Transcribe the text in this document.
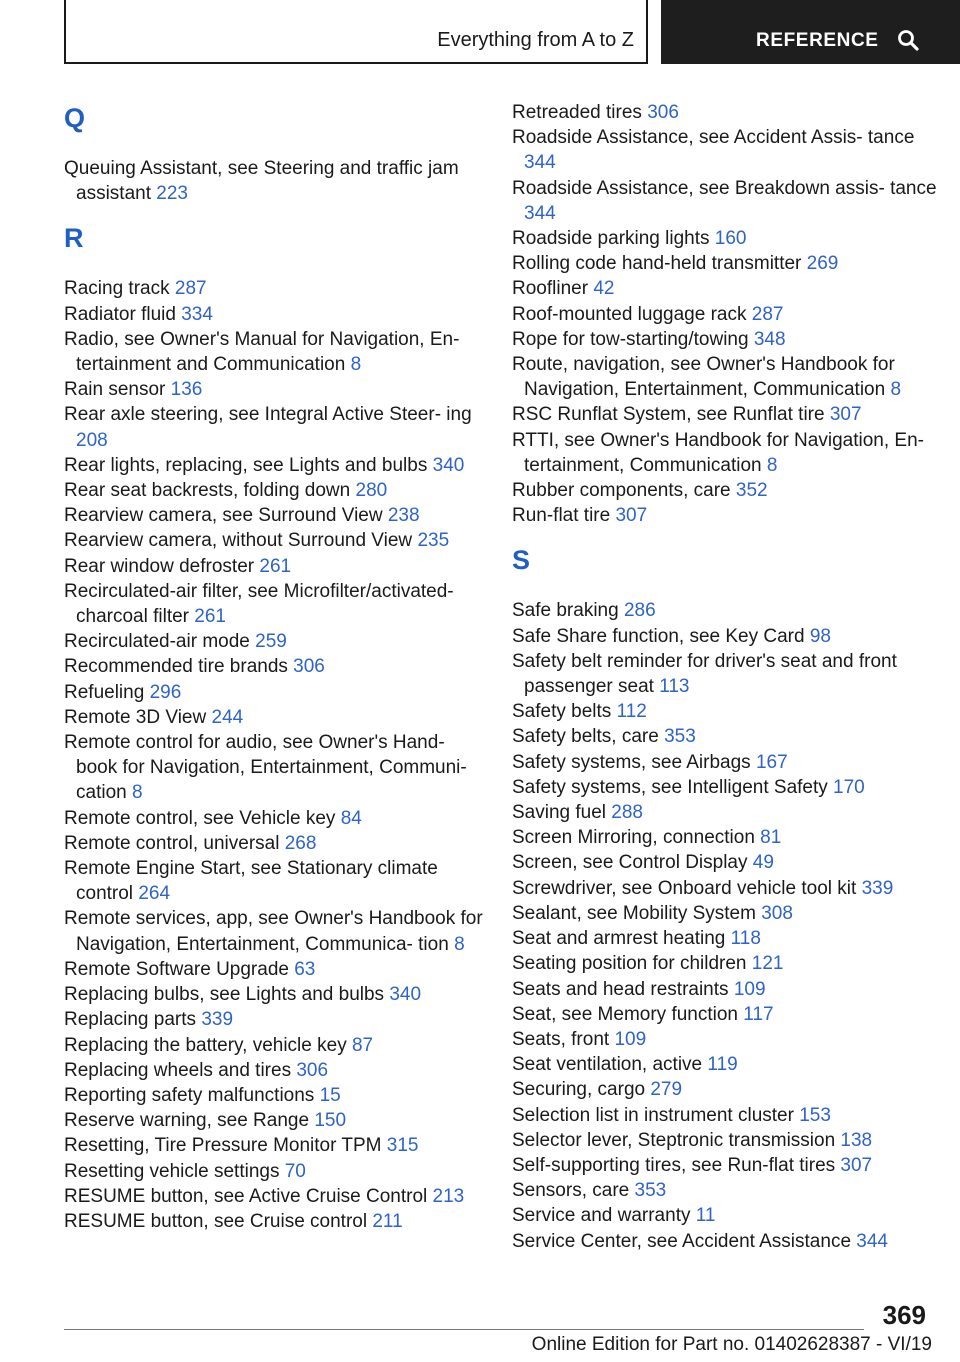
Everything from A to Z	REFERENCE
Q
Queuing Assistant, see Steering and traffic jam assistant 223
R
Racing track 287
Radiator fluid 334
Radio, see Owner's Manual for Navigation, En‐ tertainment and Communication 8
Rain sensor 136
Rear axle steering, see Integral Active Steer‐ ing 208
Rear lights, replacing, see Lights and bulbs 340
Rear seat backrests, folding down 280
Rearview camera, see Surround View 238
Rearview camera, without Surround View 235
Rear window defroster 261
Recirculated-air filter, see Microfilter/activated- charcoal filter 261
Recirculated-air mode 259
Recommended tire brands 306
Refueling 296
Remote 3D View 244
Remote control for audio, see Owner's Hand‐ book for Navigation, Entertainment, Communi‐ cation 8
Remote control, see Vehicle key 84
Remote control, universal 268
Remote Engine Start, see Stationary climate control 264
Remote services, app, see Owner's Handbook for Navigation, Entertainment, Communica‐ tion 8
Remote Software Upgrade 63
Replacing bulbs, see Lights and bulbs 340
Replacing parts 339
Replacing the battery, vehicle key 87
Replacing wheels and tires 306
Reporting safety malfunctions 15
Reserve warning, see Range 150
Resetting, Tire Pressure Monitor TPM 315
Resetting vehicle settings 70
RESUME button, see Active Cruise Control 213
RESUME button, see Cruise control 211
Retreaded tires 306
Roadside Assistance, see Accident Assis‐ tance 344
Roadside Assistance, see Breakdown assis‐ tance 344
Roadside parking lights 160
Rolling code hand-held transmitter 269
Roofliner 42
Roof-mounted luggage rack 287
Rope for tow-starting/towing 348
Route, navigation, see Owner's Handbook for Navigation, Entertainment, Communication 8
RSC Runflat System, see Runflat tire 307
RTTI, see Owner's Handbook for Navigation, En‐ tertainment, Communication 8
Rubber components, care 352
Run-flat tire 307
S
Safe braking 286
Safe Share function, see Key Card 98
Safety belt reminder for driver's seat and front passenger seat 113
Safety belts 112
Safety belts, care 353
Safety systems, see Airbags 167
Safety systems, see Intelligent Safety 170
Saving fuel 288
Screen Mirroring, connection 81
Screen, see Control Display 49
Screwdriver, see Onboard vehicle tool kit 339
Sealant, see Mobility System 308
Seat and armrest heating 118
Seating position for children 121
Seats and head restraints 109
Seat, see Memory function 117
Seats, front 109
Seat ventilation, active 119
Securing, cargo 279
Selection list in instrument cluster 153
Selector lever, Steptronic transmission 138
Self-supporting tires, see Run-flat tires 307
Sensors, care 353
Service and warranty 11
Service Center, see Accident Assistance 344
369
Online Edition for Part no. 01402628387 - VI/19
